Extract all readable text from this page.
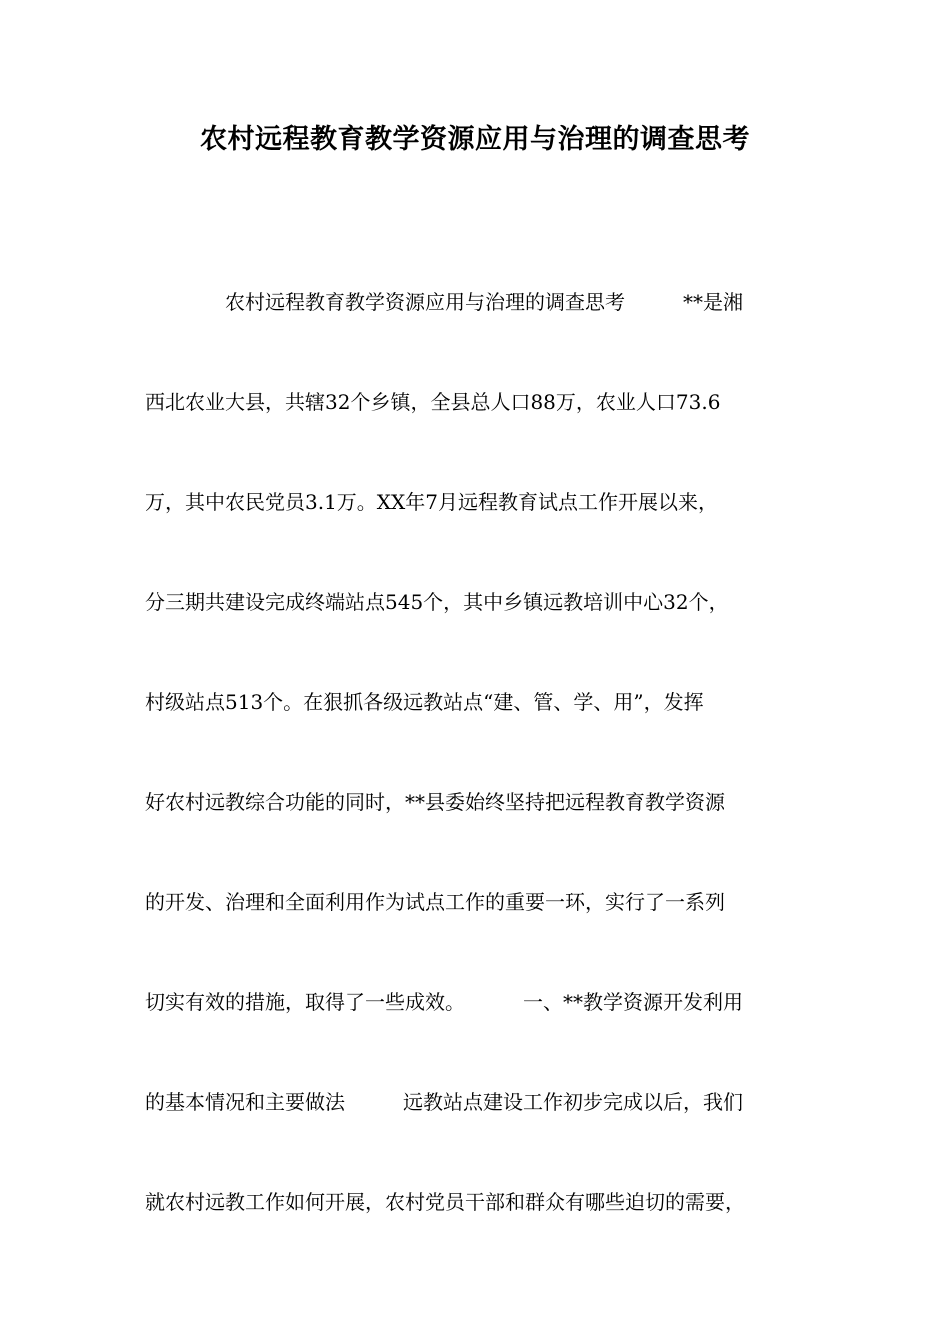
农村远程教育教学资源应用与治理的调查思考
农村远程教育教学资源应用与治理的调查思考	**是湘
西北农业大县，共辖32个乡镇，全县总人口88万，农业人口73.6
万，其中农民党员3.1万。XX年7月远程教育试点工作开展以来，
分三期共建设完成终端站点545个，其中乡镇远教培训中心32个，
村级站点513个。在狠抓各级远教站点“建、管、学、用”，发挥
好农村远教综合功能的同时，**县委始终坚持把远程教育教学资源
的开发、治理和全面利用作为试点工作的重要一环，实行了一系列
切实有效的措施，取得了一些成效。	一、**教学资源开发利用
的基本情况和主要做法	远教站点建设工作初步完成以后，我们
就农村远教工作如何开展，农村党员干部和群众有哪些迫切的需要，
